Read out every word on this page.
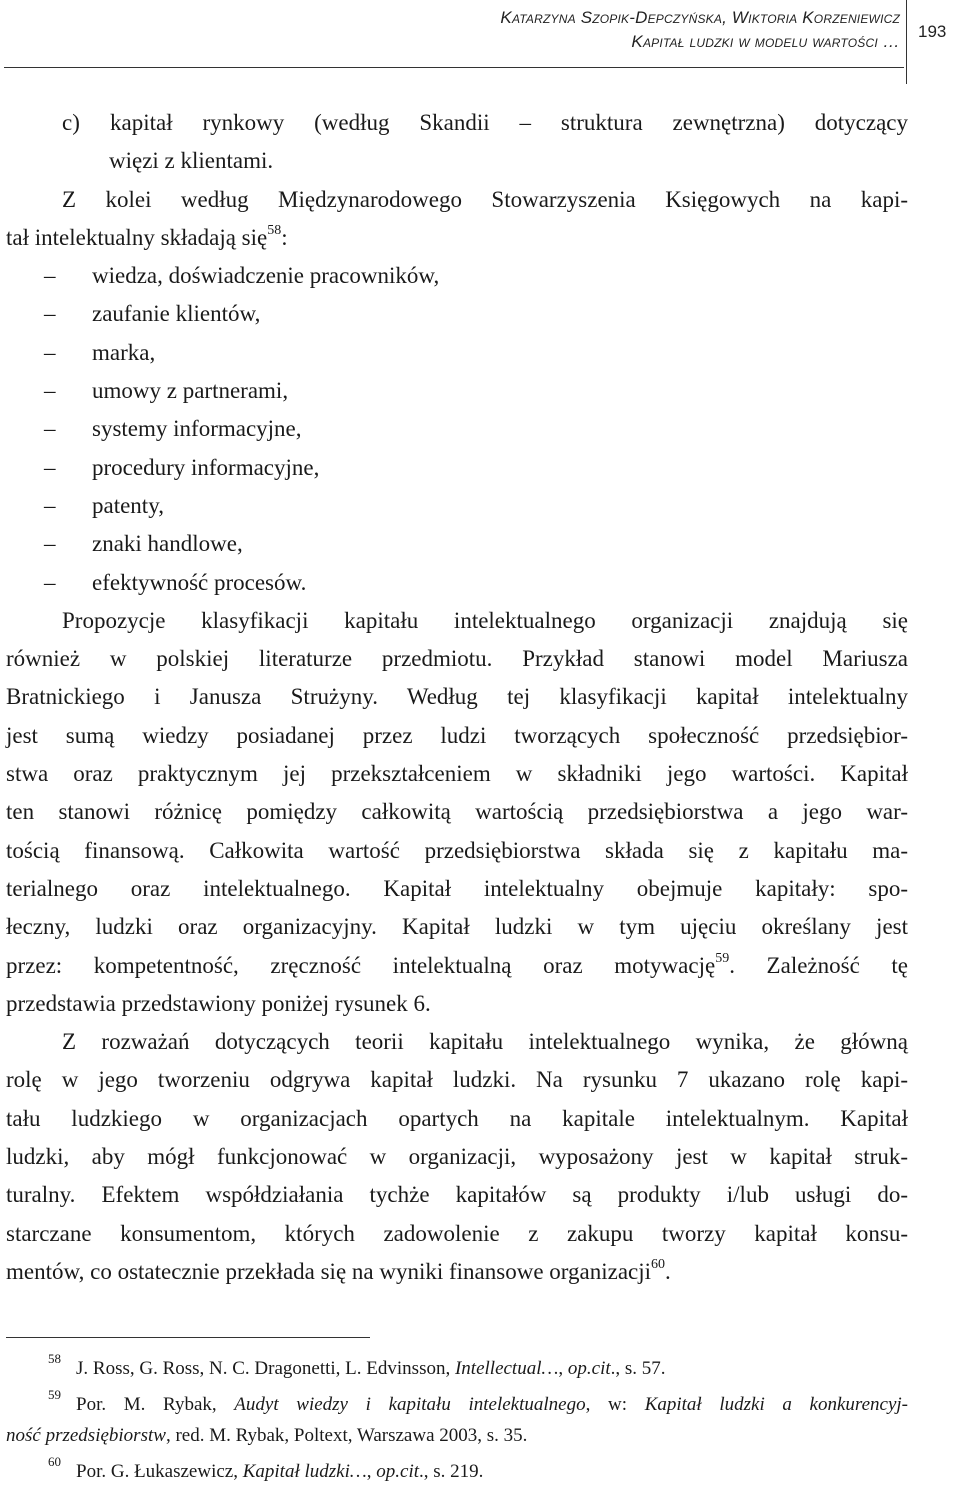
Katarzyna Szopik-Depczyńska, Wiktoria Korzeniewicz
Kapitał ludzki w modelu wartości …
193
c) kapitał rynkowy (według Skandii – struktura zewnętrzna) dotyczący
więzi z klientami.
Z kolei według Międzynarodowego Stowarzyszenia Księgowych na kapi-
tał intelektualny składają się$^{58}$:
– wiedza, doświadczenie pracowników,
– zaufanie klientów,
– marka,
– umowy z partnerami,
– systemy informacyjne,
– procedury informacyjne,
– patenty,
– znaki handlowe,
– efektywność procesów.
Propozycje klasyfikacji kapitału intelektualnego organizacji znajdują się
również w polskiej literaturze przedmiotu. Przykład stanowi model Mariusza
Bratnickiego i Janusza Strużyny. Według tej klasyfikacji kapitał intelektualny
jest sumą wiedzy posiadanej przez ludzi tworzących społeczność przedsiębior-
stwa oraz praktycznym jej przekształceniem w składniki jego wartości. Kapitał
ten stanowi różnicę pomiędzy całkowitą wartością przedsiębiorstwa a jego war-
tością finansową. Całkowita wartość przedsiębiorstwa składa się z kapitału ma-
terialnego oraz intelektualnego. Kapitał intelektualny obejmuje kapitały: spo-
łeczny, ludzki oraz organizacyjny. Kapitał ludzki w tym ujęciu określany jest
przez: kompetentność, zręczność intelektualną oraz motywację$^{59}$. Zależność tę
przedstawia przedstawiony poniżej rysunek 6.
Z rozważań dotyczących teorii kapitału intelektualnego wynika, że główną
rolę w jego tworzeniu odgrywa kapitał ludzki. Na rysunku 7 ukazano rolę kapi-
tału ludzkiego w organizacjach opartych na kapitale intelektualnym. Kapitał
ludzki, aby mógł funkcjonować w organizacji, wyposażony jest w kapitał struk-
turalny. Efektem współdziałania tychże kapitałów są produkty i/lub usługi do-
starczane konsumentom, których zadowolenie z zakupu tworzy kapitał konsu-
mentów, co ostatecznie przekłada się na wyniki finansowe organizacji$^{60}$.
$^{58}$ J. Ross, G. Ross, N. C. Dragonetti, L. Edvinsson, Intellectual…, op.cit., s. 57.
$^{59}$ Por. M. Rybak, Audyt wiedzy i kapitału intelektualnego, w: Kapitał ludzki a konkurencyj-
ność przedsiębiorstw, red. M. Rybak, Poltext, Warszawa 2003, s. 35.
$^{60}$ Por. G. Łukaszewicz, Kapitał ludzki…, op.cit., s. 219.
